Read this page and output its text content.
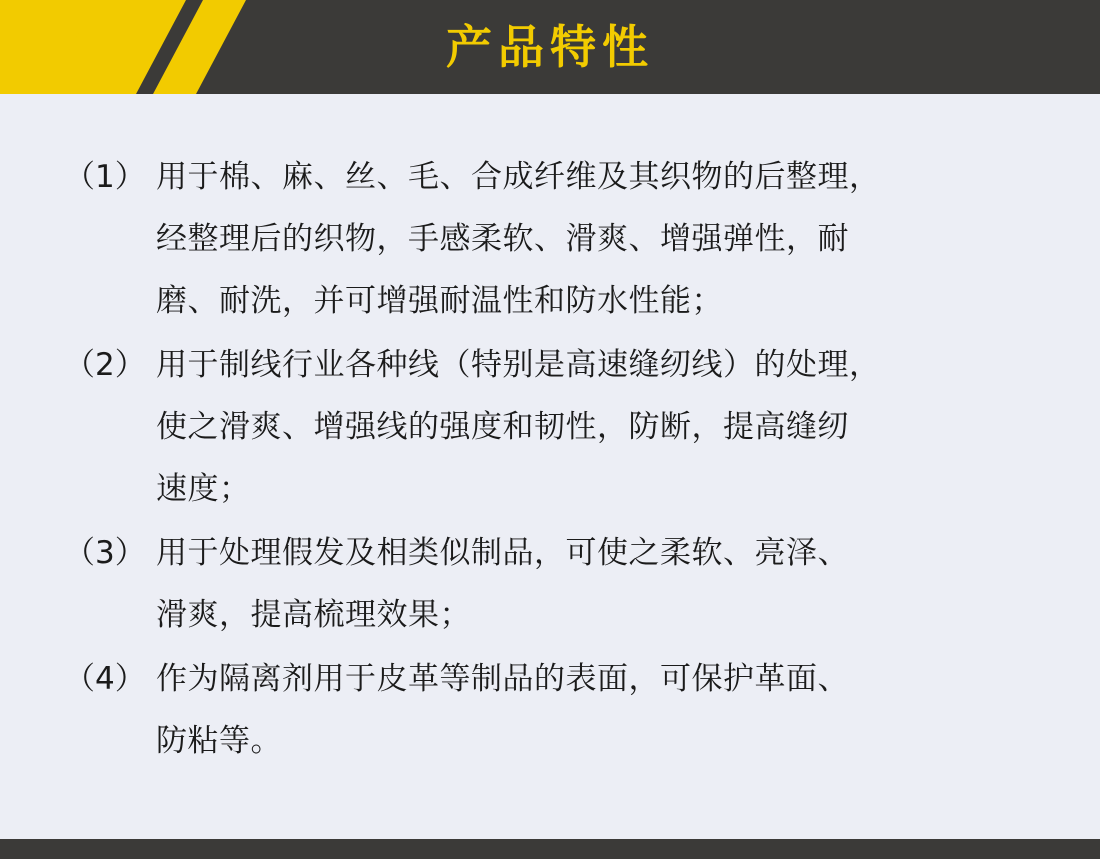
产品特性
（1） 用于棉、麻、丝、毛、合成纤维及其织物的后整理，
经整理后的织物，手感柔软、滑爽、增强弹性，耐
磨、耐洗，并可增强耐温性和防水性能；
（2） 用于制线行业各种线（特别是高速缝纫线）的处理，
使之滑爽、增强线的强度和韧性，防断，提高缝纫
速度；
（3） 用于处理假发及相类似制品，可使之柔软、亮泽、
滑爽，提高梳理效果；
（4） 作为隔离剂用于皮革等制品的表面，可保护革面、
防粘等。
